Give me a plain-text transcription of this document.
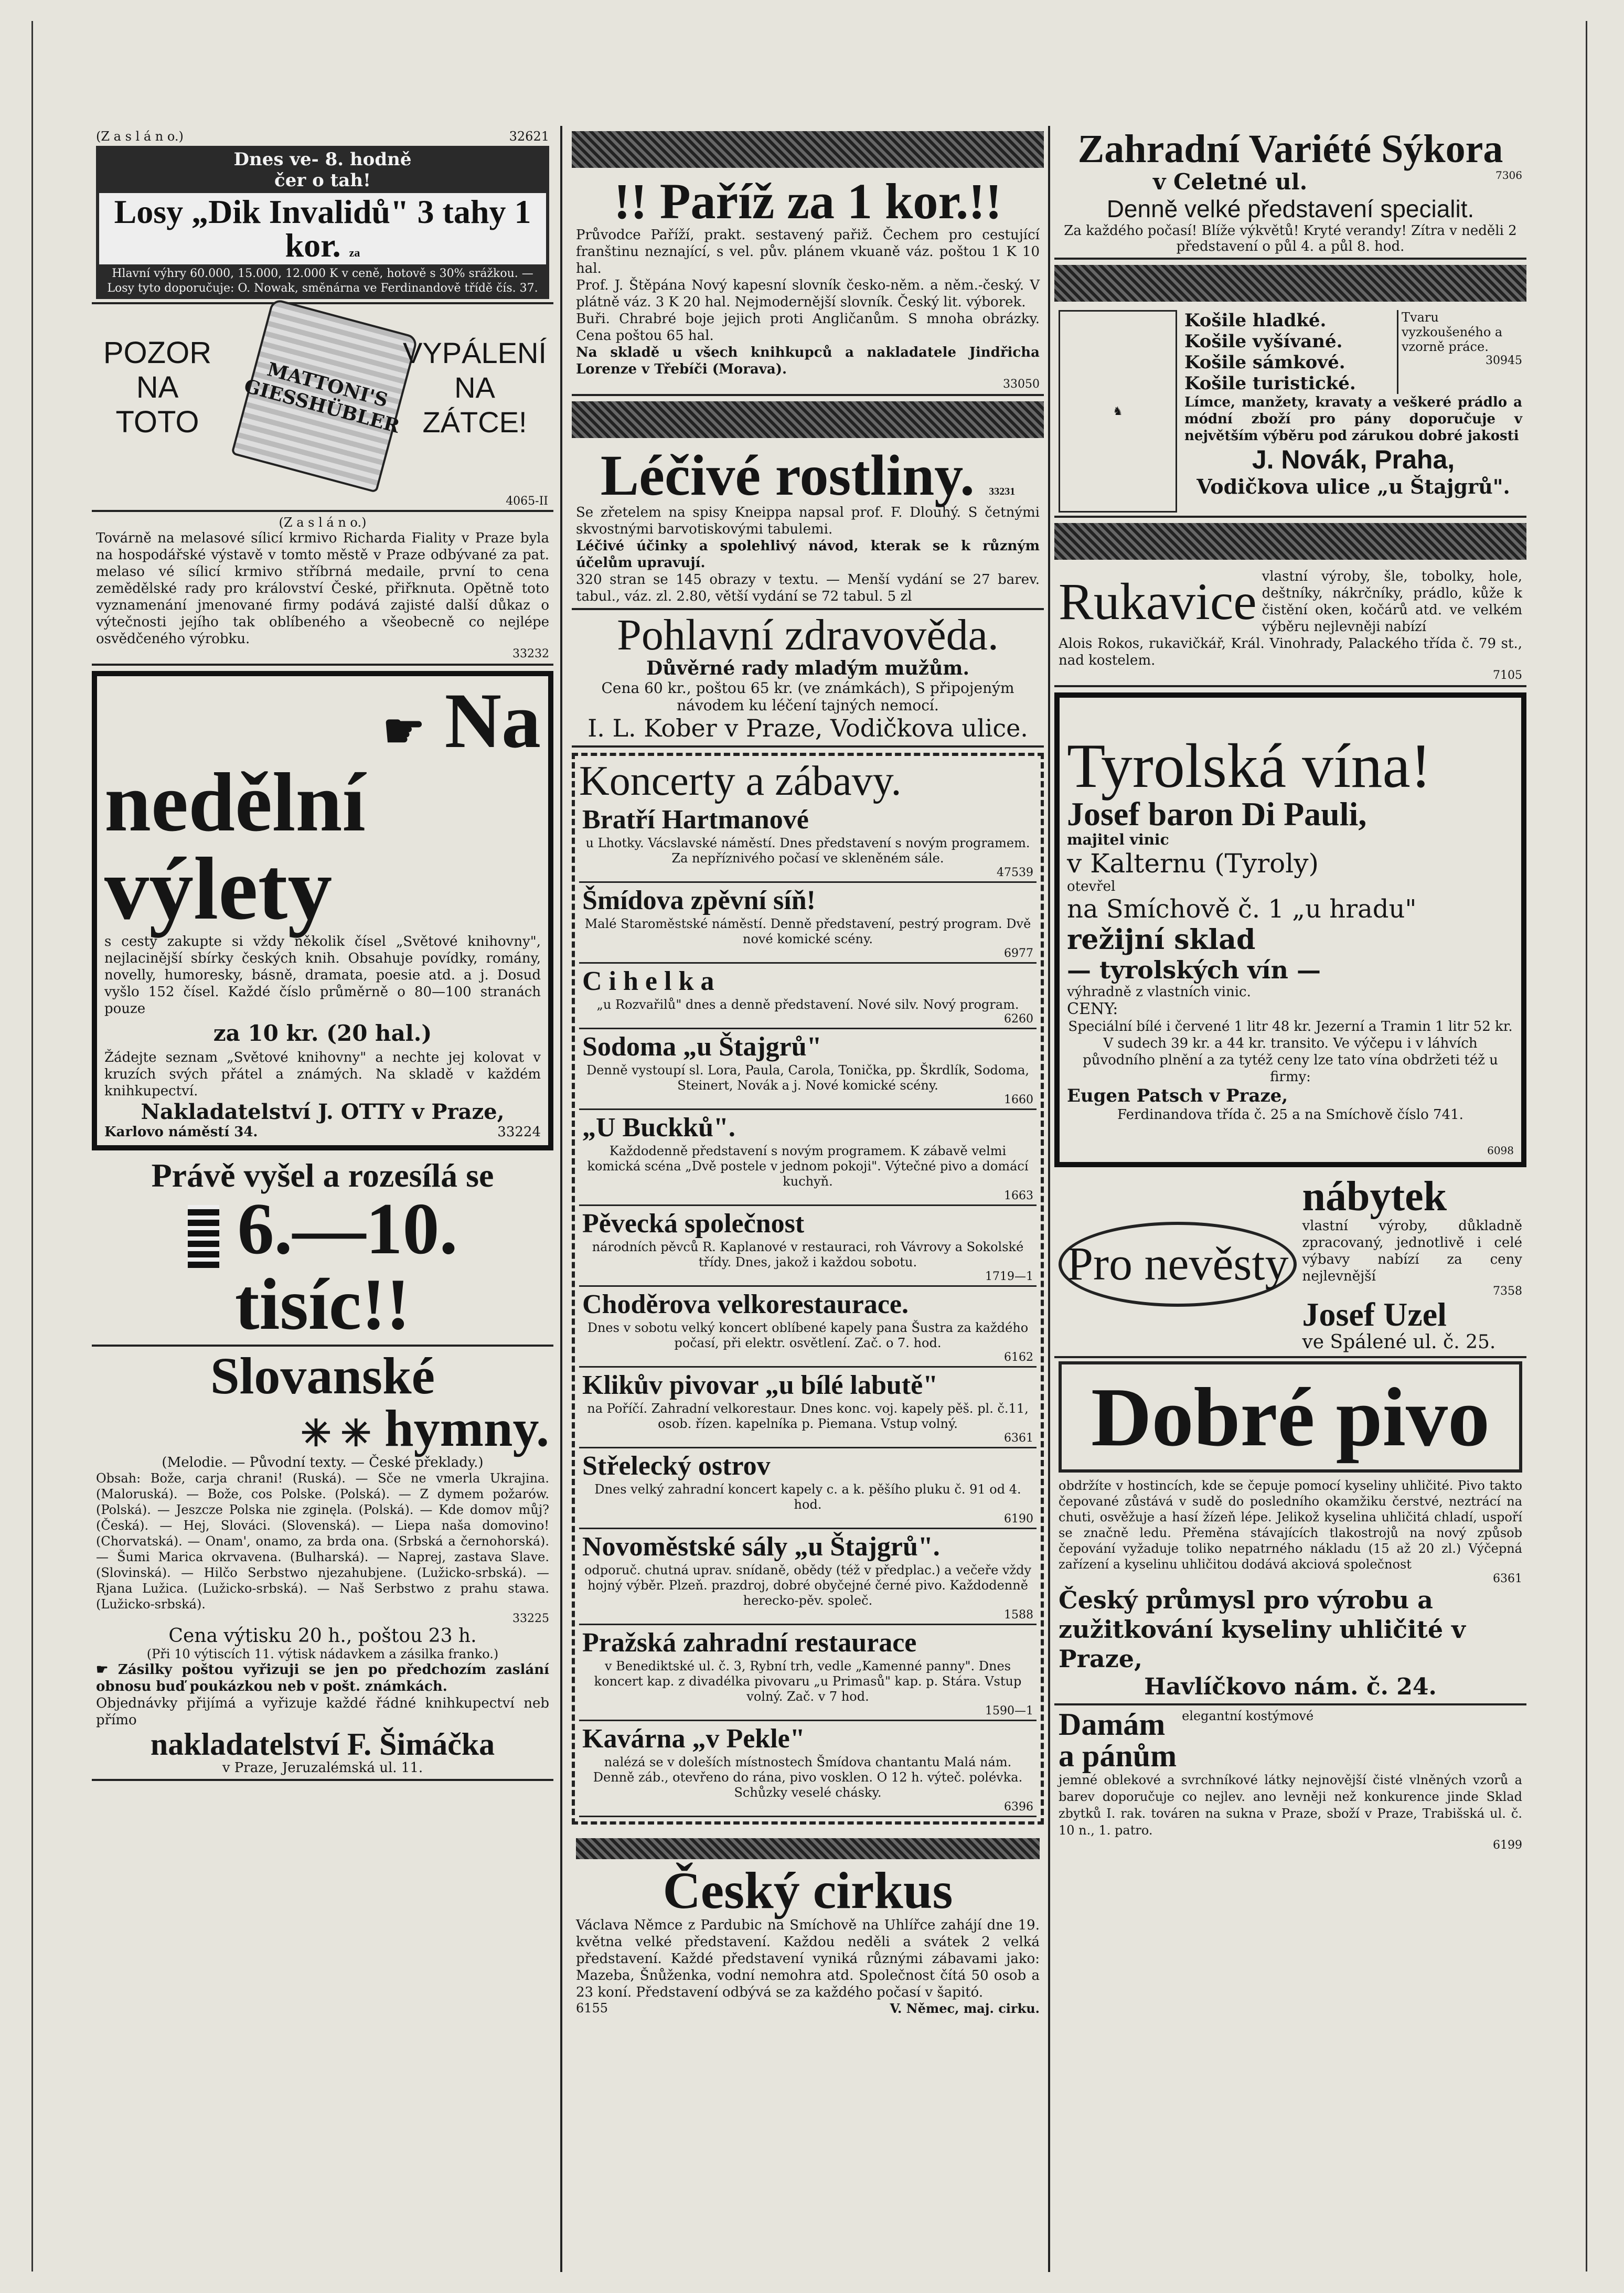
(Z a s l á n o.)	32621
Dnes ve- 8. hodně
čer o tah!
Losy „Dik Invalidů" 3 tahy 1 kor. za
Hlavní výhry 60.000, 15.000, 12.000 K v ceně, hotově s 30% srážkou. — Losy tyto doporučuje: O. Nowak, směnárna ve Ferdinandově třídě čís. 37.
POZOR NA TOTO
MATTONI'S GIESSHÜBLER
VYPÁLENÍ NA ZÁTCE!
4065-II
(Z a s l á n o.)
Továrně na melasové sílicí krmivo Richarda Fiality v Praze byla na hospodářské výstavě v tomto městě v Praze odbývané za pat. melaso vé sílicí krmivo stříbrná medaile, první to cena zemědělské rady pro království České, přiřknuta. Opětně toto vyznamenání jmenované firmy podává zajisté další důkaz o výtečnosti jejího tak oblíbeného a všeobecně co nejlépe osvědčeného výrobku.
33232
☛ Na
nedělní
výlety
s cesty zakupte si vždy několik čísel „Světové knihovny", nejlacinější sbírky českých knih. Obsahuje povídky, romány, novelly, humoresky, básně, dramata, poesie atd. a j. Dosud vyšlo 152 čísel. Každé číslo průměrně o 80—100 stranách pouze
za 10 kr. (20 hal.)
Žádejte seznam „Světové knihovny" a nechte jej kolovat v kruzích svých přátel a známých. Na skladě v každém knihkupectví.
Nakladatelství J. OTTY v Praze,
Karlovo náměstí 34.	33224
Právě vyšel a rozesílá se
6.—10. tisíc!!
Slovanské
✳ ✳ hymny.
(Melodie. — Původní texty. — České překlady.)
Obsah: Bože, carja chrani! (Ruská). — Sče ne vmerla Ukrajina. (Maloruská). — Bože, cos Polske. (Polská). — Z dymem požarów. (Polská). — Jeszcze Polska nie zginęla. (Polská). — Kde domov můj? (Česká). — Hej, Slováci. (Slovenská). — Liepa naša domovino! (Chorvatská). — Onam', onamo, za brda ona. (Srbská a černohorská). — Šumi Marica okrvavena. (Bulharská). — Naprej, zastava Slave. (Slovinská). — Hilčo Serbstwo njezahubjene. (Lužicko-srbská). — Rjana Lužica. (Lužicko-srbská). — Naš Serbstwo z prahu stawa. (Lužicko-srbská).
33225
Cena výtisku 20 h., poštou 23 h.
(Při 10 výtiscích 11. výtisk nádavkem a zásilka franko.)
☛ Zásilky poštou vyřizuji se jen po předchozím zaslání obnosu buď poukázkou neb v pošt. známkách.
Objednávky přijímá a vyřizuje každé řádné knihkupectví neb přímo
nakladatelství F. Šimáčka
v Praze, Jeruzalémská ul. 11.
!! Paříž za 1 kor.!!
Průvodce Paříží, prakt. sestavený pařiž. Čechem pro cestující franštinu neznající, s vel. pův. plánem vkuaně váz. poštou 1 K 10 hal.
Prof. J. Štěpána Nový kapesní slovník česko-něm. a něm.-český. V plátně váz. 3 K 20 hal. Nejmodernější slovník. Český lit. výborek.
Buři. Chrabré boje jejich proti Angličanům. S mnoha obrázky. Cena poštou 65 hal.
Na skladě u všech knihkupců a nakladatele Jindřicha Lorenze v Třebíči (Morava).
33050
Léčivé rostliny. 33231
Se zřetelem na spisy Kneippa napsal prof. F. Dlouhý. S četnými skvostnými barvotiskovými tabulemi.
Léčivé účinky a spolehlivý návod, kterak se k různým účelům upravují.
320 stran se 145 obrazy v textu. — Menší vydání se 27 barev. tabul., váz. zl. 2.80, větší vydání se 72 tabul. 5 zl
Pohlavní zdravověda.
Důvěrné rady mladým mužům.
Cena 60 kr., poštou 65 kr. (ve známkách), S připojeným návodem ku léčení tajných nemocí.
I. L. Kober v Praze, Vodičkova ulice.
Koncerty a zábavy.
Bratří Hartmanové
u Lhotky. Vácslavské náměstí. Dnes představení s novým programem. Za nepříznivého počasí ve skleněném sále.
47539
Šmídova zpěvní síň!
Malé Staroměstské náměstí. Denně představení, pestrý program. Dvě nové komické scény.
6977
C i h e l k a
„u Rozvařilů" dnes a denně představení. Nové silv. Nový program.
6260
Sodoma „u Štajgrů"
Denně vystoupí sl. Lora, Paula, Carola, Tonička, pp. Škrdlík, Sodoma, Steinert, Novák a j. Nové komické scény.
1660
„U Buckků".
Každodenně představení s novým programem. K zábavě velmi komická scéna „Dvě postele v jednom pokoji". Výtečné pivo a domácí kuchyň.
1663
Pěvecká společnost
národních pěvců R. Kaplanové v restauraci, roh Vávrovy a Sokolské třídy. Dnes, jakož i každou sobotu.
1719—1
Choděrova velkorestaurace.
Dnes v sobotu velký koncert oblíbené kapely pana Šustra za každého počasí, při elektr. osvětlení. Zač. o 7. hod.
6162
Klikův pivovar „u bílé labutě"
na Poříčí. Zahradní velkorestaur. Dnes konc. voj. kapely pěš. pl. č.11, osob. řízen. kapelníka p. Piemana. Vstup volný.
6361
Střelecký ostrov
Dnes velký zahradní koncert kapely c. a k. pěšího pluku č. 91 od 4. hod.
6190
Novoměstské sály „u Štajgrů".
odporuč. chutná uprav. snídaně, obědy (též v předplac.) a večeře vždy hojný výběr. Plzeň. prazdroj, dobré obyčejné černé pivo. Každodenně herecko-pěv. společ.
1588
Pražská zahradní restaurace
v Benediktské ul. č. 3, Rybní trh, vedle „Kamenné panny". Dnes koncert kap. z divadélka pivovaru „u Primasů" kap. p. Stára. Vstup volný. Zač. v 7 hod.
1590—1
Kavárna „v Pekle"
nalézá se v doleších místnostech Šmídova chantantu Malá nám. Denně záb., otevřeno do rána, pivo vosklen. O 12 h. výteč. polévka. Schůzky veselé chásky.
6396
Český cirkus
Václava Němce z Pardubic na Smíchově na Uhlířce zahájí dne 19. května velké představení. Každou neděli a svátek 2 velká představení. Každé představení vyniká různými zábavami jako: Mazeba, Šnůženka, vodní nemohra atd. Společnost čítá 50 osob a 23 koní. Představení odbývá se za každého počasí v šapitó.
6155	V. Němec, maj. cirku.
Zahradní Variété Sýkora
v Celetné ul.	7306
Denně velké představení specialit.
Za každého počasí! Blíže výkvětů! Kryté verandy! Zítra v neděli 2 představení o půl 4. a půl 8. hod.
♞
Košile hladké.
Košile vyšívané.
Košile sámkové.
Košile turistické.
Tvaru vyzkoušeného a vzorně práce.
30945
Límce, manžety, kravaty a veškeré prádlo a módní zboží pro pány doporučuje v největším výběru pod zárukou dobré jakosti
J. Novák, Praha,
Vodičkova ulice „u Štajgrů".
Rukavice vlastní výroby, šle, tobolky, hole, deštníky, nákrčníky, prádlo, kůže k čistění oken, kočárů atd. ve velkém výběru nejlevněji nabízí
Alois Rokos, rukavičkář, Král. Vinohrady, Palackého třída č. 79 st., nad kostelem.
7105
Tyrolská vína!
Josef baron Di Pauli,
majitel vinic
v Kalternu (Tyroly)
otevřel
na Smíchově č. 1 „u hradu"
režijní sklad
— tyrolských vín —
výhradně z vlastních vinic.
CENY:
Speciální bílé i červené 1 litr 48 kr. Jezerní a Tramin 1 litr 52 kr. V sudech 39 kr. a 44 kr. transito. Ve výčepu i v láhvích původního plnění a za tytéž ceny lze tato vína obdržeti též u firmy:
Eugen Patsch v Praze,
Ferdinandova třída č. 25 a na Smíchově číslo 741.
6098
Pro nevěsty
nábytek
vlastní výroby, důkladně zpracovaný, jednotlivě i celé výbavy nabízí za ceny nejlevnější
7358
Josef Uzel
ve Spálené ul. č. 25.
Dobré pivo
obdržíte v hostincích, kde se čepuje pomocí kyseliny uhličité. Pivo takto čepované zůstává v sudě do posledního okamžiku čerstvé, neztrácí na chuti, osvěžuje a hasí žízeň lépe. Jelikož kyselina uhličitá chladí, uspoří se značně ledu. Přeměna stávajících tlakostrojů na nový způsob čepování vyžaduje toliko nepatrného nákladu (15 až 20 zl.) Výčepná zařízení a kyselinu uhličitou dodává akciová společnost
6361
Český průmysl pro výrobu a zužitkování kyseliny uhličité v Praze,
Havlíčkovo nám. č. 24.
Damám
a pánům
elegantní kostýmové
jemné oblekové a svrchníkové látky nejnovější čisté vlněných vzorů a barev doporučuje co nejlev. ano levněji než konkurence jinde Sklad zbytků I. rak. továren na sukna v Praze, sboží v Praze, Trabišská ul. č. 10 n., 1. patro.
6199
